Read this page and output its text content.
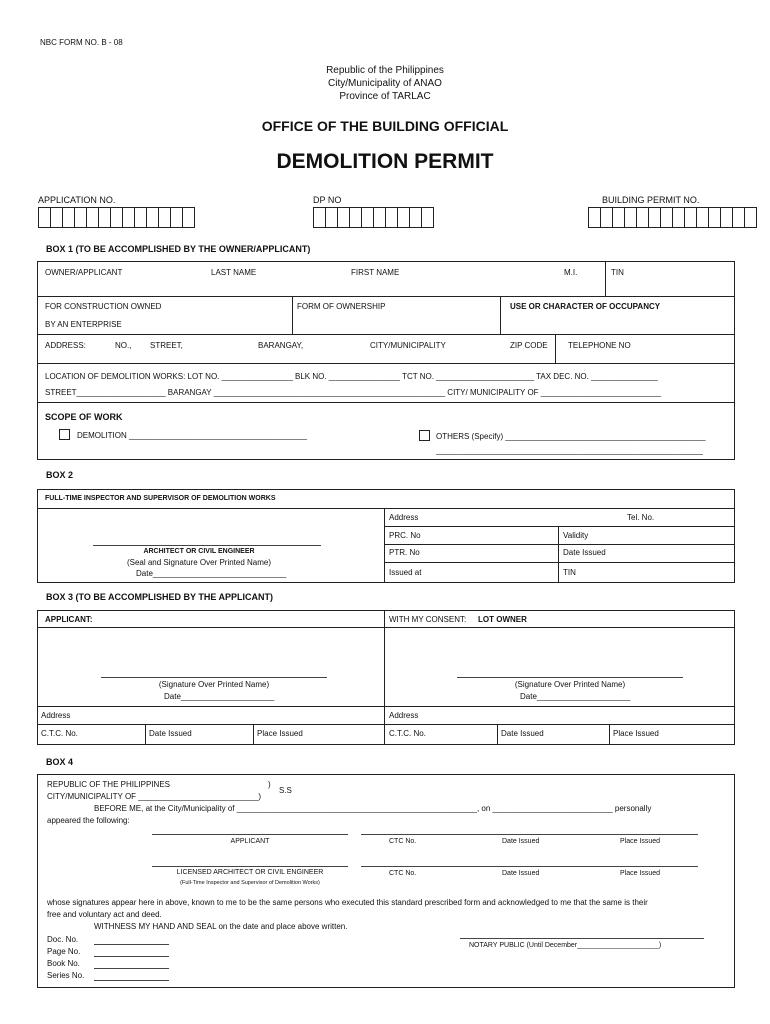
NBC FORM NO. B - 08
Republic of the Philippines
City/Municipality of ANAO
Province of TARLAC
OFFICE OF THE BUILDING OFFICIAL
DEMOLITION PERMIT
APPLICATION NO.	DP NO	BUILDING PERMIT NO.
BOX 1 (TO BE ACCOMPLISHED BY THE OWNER/APPLICANT)
OWNER/APPLICANT	LAST NAME	FIRST NAME	M.I.	TIN
FOR CONSTRUCTION OWNED
BY AN ENTERPRISE
FORM OF OWNERSHIP	USE OR CHARACTER OF OCCUPANCY
ADDRESS:	NO., STREET,	BARANGAY,	CITY/MUNICIPALITY	ZIP CODE	TELEPHONE NO
LOCATION OF DEMOLITION WORKS: LOT NO. ________________ BLK NO. ________________ TCT NO. ______________________ TAX DEC. NO. _______________
STREET____________________ BARANGAY ____________________________________________________ CITY/ MUNICIPALITY OF ___________________________
SCOPE OF WORK
DEMOLITION ________________________________________	OTHERS (Specify) _____________________________________________
____________________________________________________________
BOX 2
FULL-TIME INSPECTOR AND SUPERVISOR OF DEMOLITION WORKS
ARCHITECT OR CIVIL ENGINEER
(Seal and Signature Over Printed Name)
Date______________________________
Address	Tel. No.
PRC. No	Validity
PTR. No	Date Issued
Issued at	TIN
BOX 3 (TO BE ACCOMPLISHED BY THE APPLICANT)
APPLICANT:	WITH MY CONSENT: LOT OWNER
(Signature Over Printed Name)
Date_____________________
(Signature Over Printed Name)
Date_____________________
Address	Address
C.T.C. No.	Date Issued	Place Issued	C.T.C. No.	Date Issued	Place Issued
BOX 4
REPUBLIC OF THE PHILIPPINES	)
S.S
CITY/MUNICIPALITY OF ___________________________)
BEFORE ME, at the City/Municipality of ______________________________________________________, on ___________________________ personally
appeared the following:
APPLICANT	CTC No.	Date Issued	Place Issued
LICENSED ARCHITECT OR CIVIL ENGINEER
(Full-Time Inspector and Supervisor of Demolition Works)
CTC No.	Date Issued	Place Issued
whose signatures appear here in above, known to me to be the same persons who executed this standard prescribed form and acknowledged to me that the same is their
free and voluntary act and deed.
WITHNESS MY HAND AND SEAL on the date and place above written.
Doc. No.
Page No.
Book No.
Series No.
NOTARY PUBLIC (Until December_____________________)
